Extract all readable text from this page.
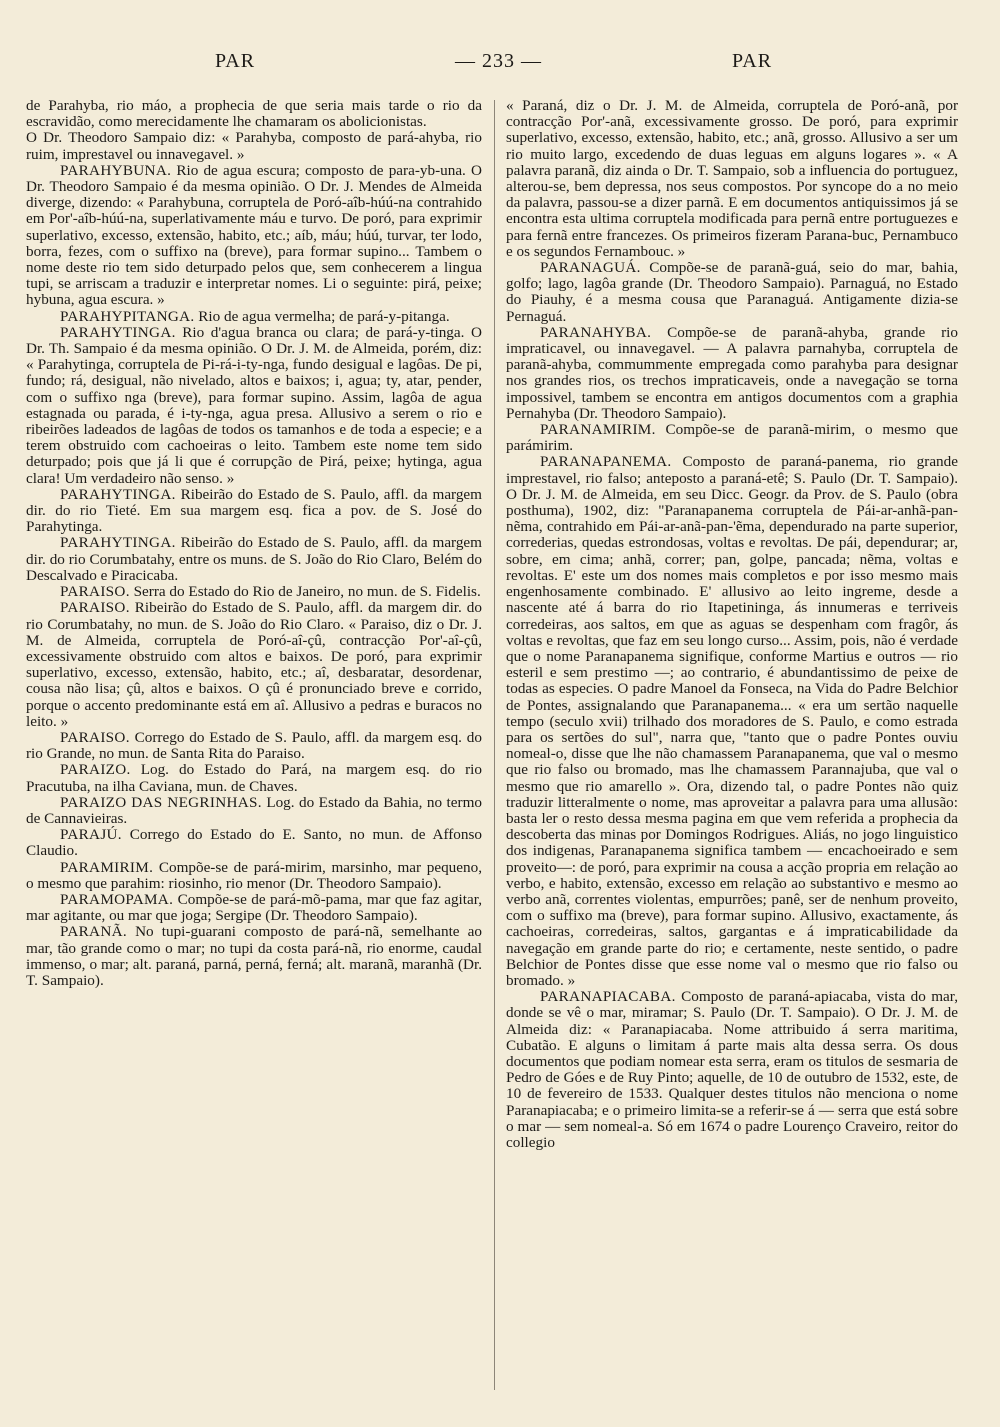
PAR	— 233 —	PAR

de Parahyba, rio máo, a prophecia de que seria mais tarde o rio da escravidão, como merecidamente lhe chamaram os abolicionistas.
O Dr. Theodoro Sampaio diz: « Parahyba, composto de pará-ahyba, rio ruim, imprestavel ou innavegavel. »

PARAHYBUNA. Rio de agua escura; composto de para-yb-una. O Dr. Theodoro Sampaio é da mesma opinião. O Dr. J. Mendes de Almeida diverge, dizendo: « Parahybuna, corruptela de Poró-aîb-húú-na contrahido em Por'-aîb-húú-na, superlativamente máu e turvo. De poró, para exprimir superlativo, excesso, extensão, habito, etc.; aíb, máu; húú, turvar, ter lodo, borra, fezes, com o suffixo na (breve), para formar supino... Tambem o nome deste rio tem sido deturpado pelos que, sem conhecerem a lingua tupi, se arriscam a traduzir e interpretar nomes. Li o seguinte: pirá, peixe; hybuna, agua escura. »

PARAHYPITANGA. Rio de agua vermelha; de pará-y-pitanga.

PARAHYTINGA. Rio d'agua branca ou clara; de pará-y-tinga. O Dr. Th. Sampaio é da mesma opinião. O Dr. J. M. de Almeida, porém, diz: « Parahytinga, corruptela de Pi-rá-i-ty-nga, fundo desigual e lagôas. De pi, fundo; rá, desigual, não nivelado, altos e baixos; i, agua; ty, atar, pender, com o suffixo nga (breve), para formar supino. Assim, lagôa de agua estagnada ou parada, é i-ty-nga, agua presa. Allusivo a serem o rio e ribeirões ladeados de lagôas de todos os tamanhos e de toda a especie; e a terem obstruido com cachoeiras o leito. Tambem este nome tem sido deturpado; pois que já li que é corrupção de Pirá, peixe; hytinga, agua clara! Um verdadeiro não senso. »

PARAHYTINGA. Ribeirão do Estado de S. Paulo, affl. da margem dir. do rio Tieté. Em sua margem esq. fica a pov. de S. José do Parahytinga.

PARAHYTINGA. Ribeirão do Estado de S. Paulo, affl. da margem dir. do rio Corumbatahy, entre os muns. de S. João do Rio Claro, Belém do Descalvado e Piracicaba.

PARAISO. Serra do Estado do Rio de Janeiro, no mun. de S. Fidelis.

PARAISO. Ribeirão do Estado de S. Paulo, affl. da margem dir. do rio Corumbatahy, no mun. de S. João do Rio Claro. « Paraiso, diz o Dr. J. M. de Almeida, corruptela de Poró-aî-çû, contracção Por'-aî-çû, excessivamente obstruido com altos e baixos. De poró, para exprimir superlativo, excesso, extensão, habito, etc.; aî, desbaratar, desordenar, cousa não lisa; çû, altos e baixos. O çû é pronunciado breve e corrido, porque o accento predominante está em aî. Allusivo a pedras e buracos no leito. »

PARAISO. Corrego do Estado de S. Paulo, affl. da margem esq. do rio Grande, no mun. de Santa Rita do Paraiso.

PARAIZO. Log. do Estado do Pará, na margem esq. do rio Pracutuba, na ilha Caviana, mun. de Chaves.

PARAIZO DAS NEGRINHAS. Log. do Estado da Bahia, no termo de Cannavieiras.

PARAJÚ. Corrego do Estado do E. Santo, no mun. de Affonso Claudio.

PARAMIRIM. Compõe-se de pará-mirim, marsinho, mar pequeno, o mesmo que parahim: riosinho, rio menor (Dr. Theodoro Sampaio).

PARAMOPAMA. Compõe-se de pará-mõ-pama, mar que faz agitar, mar agitante, ou mar que joga; Sergipe (Dr. Theodoro Sampaio).

PARANÃ. No tupi-guarani composto de pará-nã, semelhante ao mar, tão grande como o mar; no tupi da costa pará-nã, rio enorme, caudal immenso, o mar; alt. paraná, parná, perná, ferná; alt. maranã, maranhã (Dr. T. Sampaio).

« Paraná, diz o Dr. J. M. de Almeida, corruptela de Poró-anã, por contracção Por'-anã, excessivamente grosso. De poró, para exprimir superlativo, excesso, extensão, habito, etc.; anã, grosso. Allusivo a ser um rio muito largo, excedendo de duas leguas em alguns logares ». « A palavra paranã, diz ainda o Dr. T. Sampaio, sob a influencia do portuguez, alterou-se, bem depressa, nos seus compostos. Por syncope do a no meio da palavra, passou-se a dizer parnã. E em documentos antiquissimos já se encontra esta ultima corruptela modificada para pernã entre portuguezes e para fernã entre francezes. Os primeiros fizeram Parana-buc, Pernambuco e os segundos Fernambouc. »

PARANAGUÁ. Compõe-se de paranã-guá, seio do mar, bahia, golfo; lago, lagôa grande (Dr. Theodoro Sampaio). Parnaguá, no Estado do Piauhy, é a mesma cousa que Paranaguá. Antigamente dizia-se Pernaguá.

PARANAHYBA. Compõe-se de paranã-ahyba, grande rio impraticavel, ou innavegavel. — A palavra parnahyba, corruptela de paranã-ahyba, commummente empregada como parahyba para designar nos grandes rios, os trechos impraticaveis, onde a navegação se torna impossivel, tambem se encontra em antigos documentos com a graphia Pernahyba (Dr. Theodoro Sampaio).

PARANAMIRIM. Compõe-se de paranã-mirim, o mesmo que parámirim.

PARANAPANEMA. Composto de paraná-panema, rio grande imprestavel, rio falso; anteposto a paraná-etê; S. Paulo (Dr. T. Sampaio). O Dr. J. M. de Almeida, em seu Dicc. Geogr. da Prov. de S. Paulo (obra posthuma), 1902, diz: "Paranapanema corruptela de Pái-ar-anhã-pan-nẽma, contrahido em Pái-ar-anã-pan-'ẽma, dependurado na parte superior, correderias, quedas estrondosas, voltas e revoltas. De pái, dependurar; ar, sobre, em cima; anhã, correr; pan, golpe, pancada; nẽma, voltas e revoltas. E' este um dos nomes mais completos e por isso mesmo mais engenhosamente combinado. E' allusivo ao leito ingreme, desde a nascente até á barra do rio Itapetininga, ás innumeras e terriveis corredeiras, aos saltos, em que as aguas se despenham com fragôr, ás voltas e revoltas, que faz em seu longo curso... Assim, pois, não é verdade que o nome Paranapanema signifique, conforme Martius e outros — rio esteril e sem prestimo —; ao contrario, é abundantissimo de peixe de todas as especies. O padre Manoel da Fonseca, na Vida do Padre Belchior de Pontes, assignalando que Paranapanema... « era um sertão naquelle tempo (seculo xvii) trilhado dos moradores de S. Paulo, e como estrada para os sertões do sul", narra que, "tanto que o padre Pontes ouviu nomeal-o, disse que lhe não chamassem Paranapanema, que val o mesmo que rio falso ou bromado, mas lhe chamassem Parannajuba, que val o mesmo que rio amarello ». Ora, dizendo tal, o padre Pontes não quiz traduzir litteralmente o nome, mas aproveitar a palavra para uma allusão: basta ler o resto dessa mesma pagina em que vem referida a prophecia da descoberta das minas por Domingos Rodrigues. Aliás, no jogo linguistico dos indigenas, Paranapanema significa tambem — encachoeirado e sem proveito—: de poró, para exprimir na cousa a acção propria em relação ao verbo, e habito, extensão, excesso em relação ao substantivo e mesmo ao verbo anã, correntes violentas, empurrões; panê, ser de nenhum proveito, com o suffixo ma (breve), para formar supino. Allusivo, exactamente, ás cachoeiras, corredeiras, saltos, gargantas e á impraticabilidade da navegação em grande parte do rio; e certamente, neste sentido, o padre Belchior de Pontes disse que esse nome val o mesmo que rio falso ou bromado. »

PARANAPIACABA. Composto de paraná-apiacaba, vista do mar, donde se vê o mar, miramar; S. Paulo (Dr. T. Sampaio). O Dr. J. M. de Almeida diz: « Paranapiacaba. Nome attribuido á serra maritima, Cubatão. E alguns o limitam á parte mais alta dessa serra. Os dous documentos que podiam nomear esta serra, eram os titulos de sesmaria de Pedro de Góes e de Ruy Pinto; aquelle, de 10 de outubro de 1532, este, de 10 de fevereiro de 1533. Qualquer destes titulos não menciona o nome Paranapiacaba; e o primeiro limita-se a referir-se á — serra que está sobre o mar — sem nomeal-a. Só em 1674 o padre Lourenço Craveiro, reitor do collegio
